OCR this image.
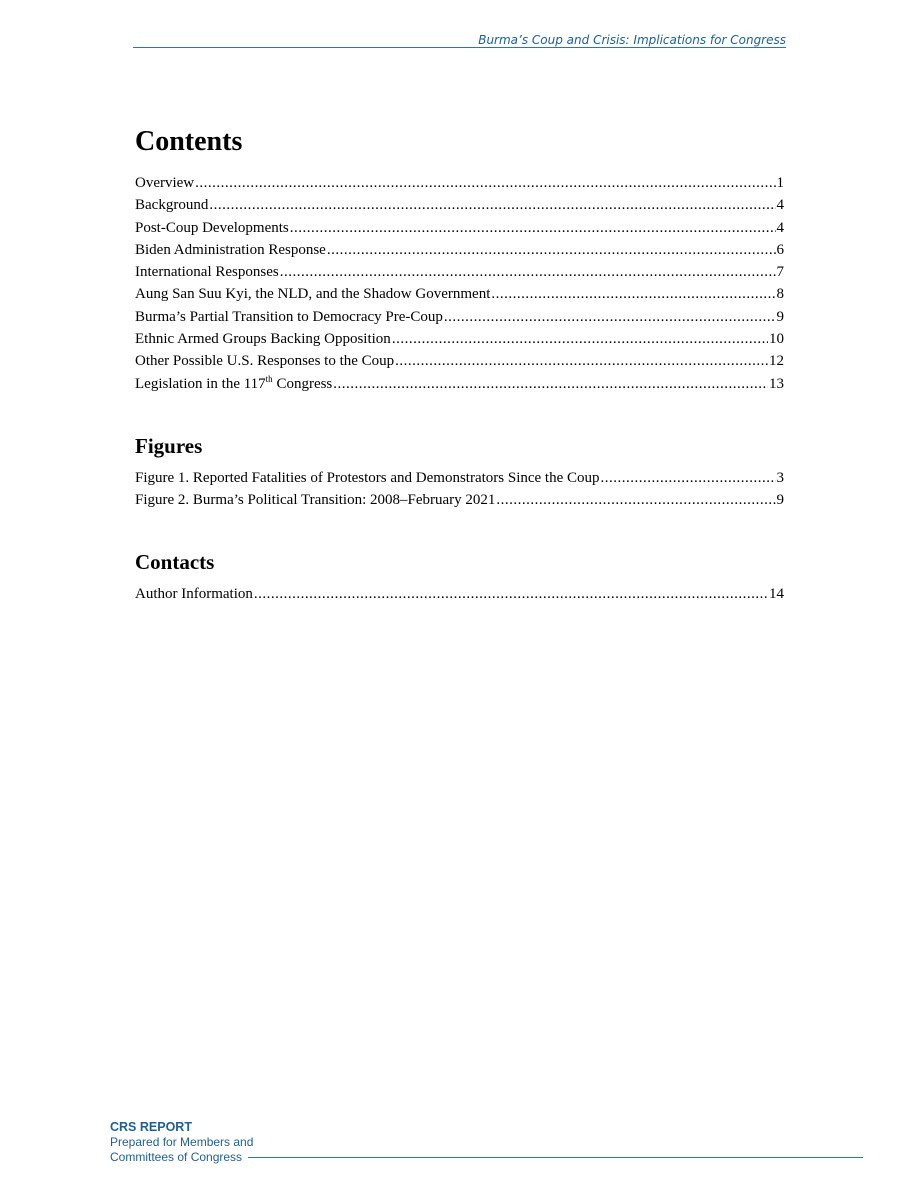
Burma’s Coup and Crisis: Implications for Congress
Contents
Overview .....	1
Background .....	4
Post-Coup Developments .....	4
Biden Administration Response .....	6
International Responses .....	7
Aung San Suu Kyi, the NLD, and the Shadow Government .....	8
Burma’s Partial Transition to Democracy Pre-Coup .....	9
Ethnic Armed Groups Backing Opposition .....	10
Other Possible U.S. Responses to the Coup .....	12
Legislation in the 117th Congress .....	13
Figures
Figure 1. Reported Fatalities of Protestors and Demonstrators Since the Coup .....	3
Figure 2. Burma’s Political Transition: 2008–February 2021 .....	9
Contacts
Author Information .....	14
CRS REPORT
Prepared for Members and
Committees of Congress
